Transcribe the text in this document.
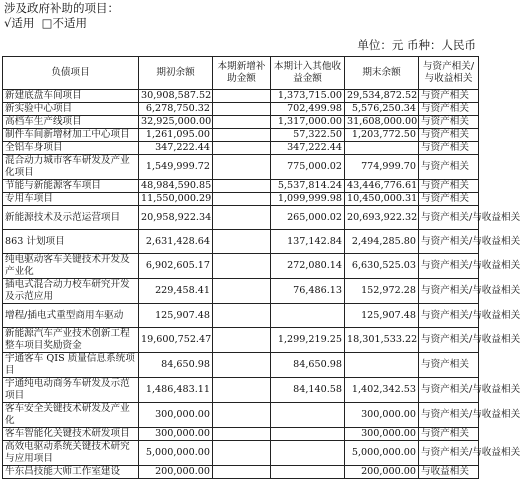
涉及政府补助的项目：
√适用 □不适用
单位：元 币种：人民币
负债项目	期初余额	本期新增补助金额	本期计入其他收益金额	期末余额	与资产相关/与收益相关
新建底盘车间项目	30,908,587.52		1,373,715.00	29,534,872.52	与资产相关
新实验中心项目	6,278,750.32		702,499.98	5,576,250.34	与资产相关
高档车生产线项目	32,925,000.00		1,317,000.00	31,608,000.00	与资产相关
制件车间新增材加工中心项目	1,261,095.00		57,322.50	1,203,772.50	与资产相关
全铝车身项目	347,222.44		347,222.44		与资产相关
混合动力城市客车研发及产业化项目	1,549,999.72		775,000.02	774,999.70	与资产相关
节能与新能源客车项目	48,984,590.85		5,537,814.24	43,446,776.61	与资产相关
专用车项目	11,550,000.29		1,099,999.98	10,450,000.31	与资产相关
新能源技术及示范运营项目	20,958,922.34		265,000.02	20,693,922.32	与资产相关/与收益相关
863 计划项目	2,631,428.64		137,142.84	2,494,285.80	与资产相关/与收益相关
纯电驱动客车关键技术开发及产业化	6,902,605.17		272,080.14	6,630,525.03	与资产相关/与收益相关
插电式混合动力校车研究开发及示范应用	229,458.41		76,486.13	152,972.28	与资产相关/与收益相关
增程/插电式重型商用车驱动	125,907.48			125,907.48	与资产相关/与收益相关
新能源汽车产业技术创新工程整车项目奖励资金	19,600,752.47		1,299,219.25	18,301,533.22	与资产相关/与收益相关
宇通客车 QIS 质量信息系统项目	84,650.98		84,650.98		与资产相关
宇通纯电动商务车研发及示范项目	1,486,483.11		84,140.58	1,402,342.53	与资产相关/与收益相关
客车安全关键技术研发及产业化	300,000.00			300,000.00	与资产相关/与收益相关
客车智能化关键技术研发项目	300,000.00			300,000.00	与资产相关
高效电驱动系统关键技术研究与应用项目	5,000,000.00			5,000,000.00	与资产相关/与收益相关
牛东昌技能大师工作室建设	200,000.00			200,000.00	与收益相关
